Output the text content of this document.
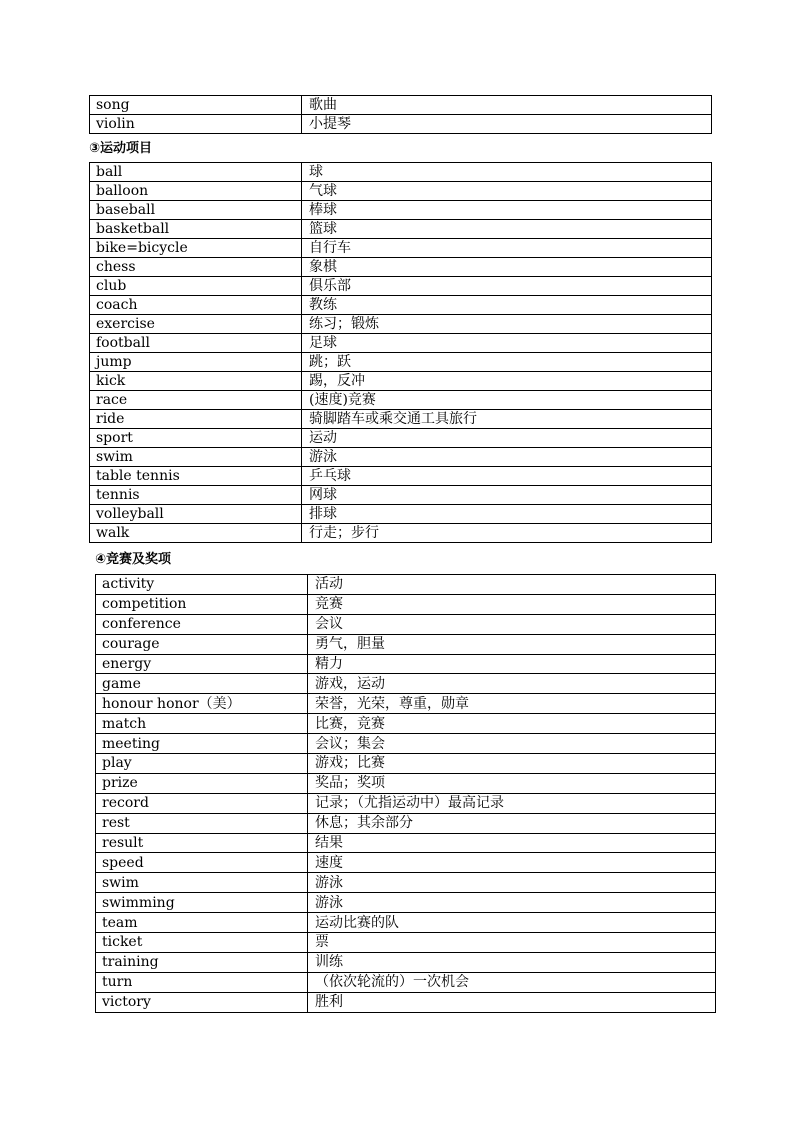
song	歌曲
violin	小提琴
③运动项目
ball	球
balloon	气球
baseball	棒球
basketball	篮球
bike=bicycle	自行车
chess	象棋
club	俱乐部
coach	教练
exercise	练习；锻炼
football	足球
jump	跳；跃
kick	踢，反冲
race	(速度)竞赛
ride	骑脚踏车或乘交通工具旅行
sport	运动
swim	游泳
table tennis	乒乓球
tennis	网球
volleyball	排球
walk	行走；步行
④竞赛及奖项
activity	活动
competition	竞赛
conference	会议
courage	勇气，胆量
energy	精力
game	游戏，运动
honour honor（美）	荣誉，光荣，尊重，勋章
match	比赛，竞赛
meeting	会议；集会
play	游戏；比赛
prize	奖品；奖项
record	记录；（尤指运动中）最高记录
rest	休息；其余部分
result	结果
speed	速度
swim	游泳
swimming	游泳
team	运动比赛的队
ticket	票
training	训练
turn	（依次轮流的）一次机会
victory	胜利
